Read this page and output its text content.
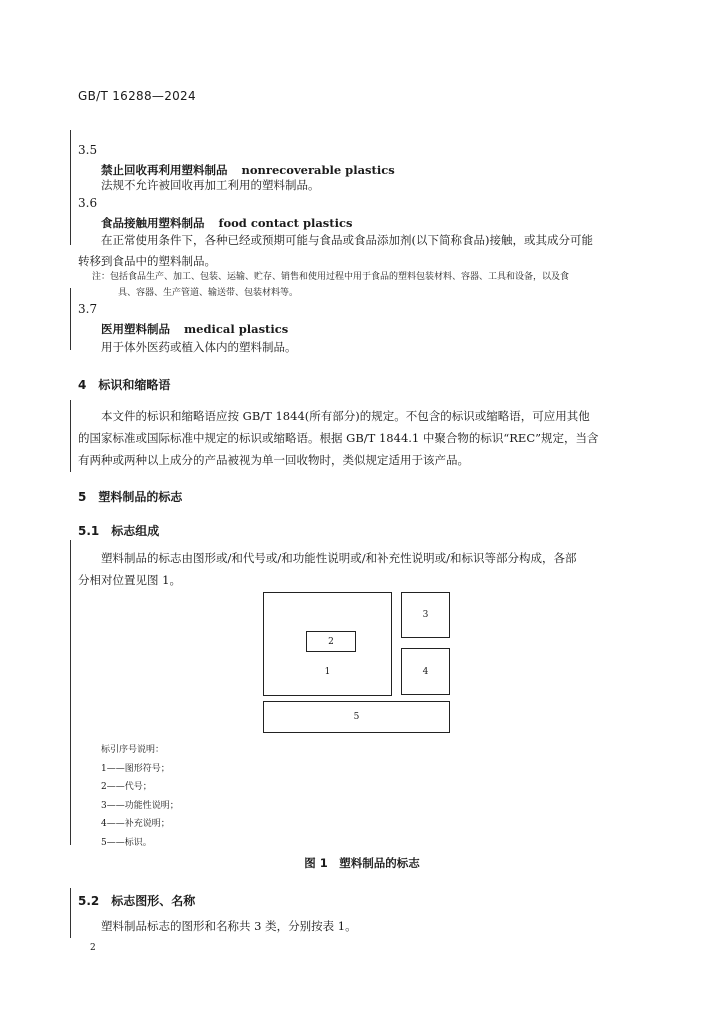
GB/T 16288—2024
3.5
禁止回收再利用塑料制品 nonrecoverable plastics
法规不允许被回收再加工利用的塑料制品。
3.6
食品接触用塑料制品 food contact plastics
在正常使用条件下，各种已经或预期可能与食品或食品添加剂(以下简称食品)接触，或其成分可能
转移到食品中的塑料制品。
注：包括食品生产、加工、包装、运输、贮存、销售和使用过程中用于食品的塑料包装材料、容器、工具和设备，以及食
具、容器、生产管道、输送带、包装材料等。
3.7
医用塑料制品 medical plastics
用于体外医药或植入体内的塑料制品。
4　标识和缩略语
本文件的标识和缩略语应按 GB/T 1844(所有部分)的规定。不包含的标识或缩略语，可应用其他
的国家标准或国际标准中规定的标识或缩略语。根据 GB/T 1844.1 中聚合物的标识“REC”规定，当含
有两种或两种以上成分的产品被视为单一回收物时，类似规定适用于该产品。
5　塑料制品的标志
5.1　标志组成
塑料制品的标志由图形或/和代号或/和功能性说明或/和补充性说明或/和标识等部分构成，各部
分相对位置见图 1。
1
2
3
4
5
标引序号说明：
1——图形符号；
2——代号；
3——功能性说明；
4——补充说明；
5——标识。
图 1　塑料制品的标志
5.2　标志图形、名称
塑料制品标志的图形和名称共 3 类，分别按表 1。
2
